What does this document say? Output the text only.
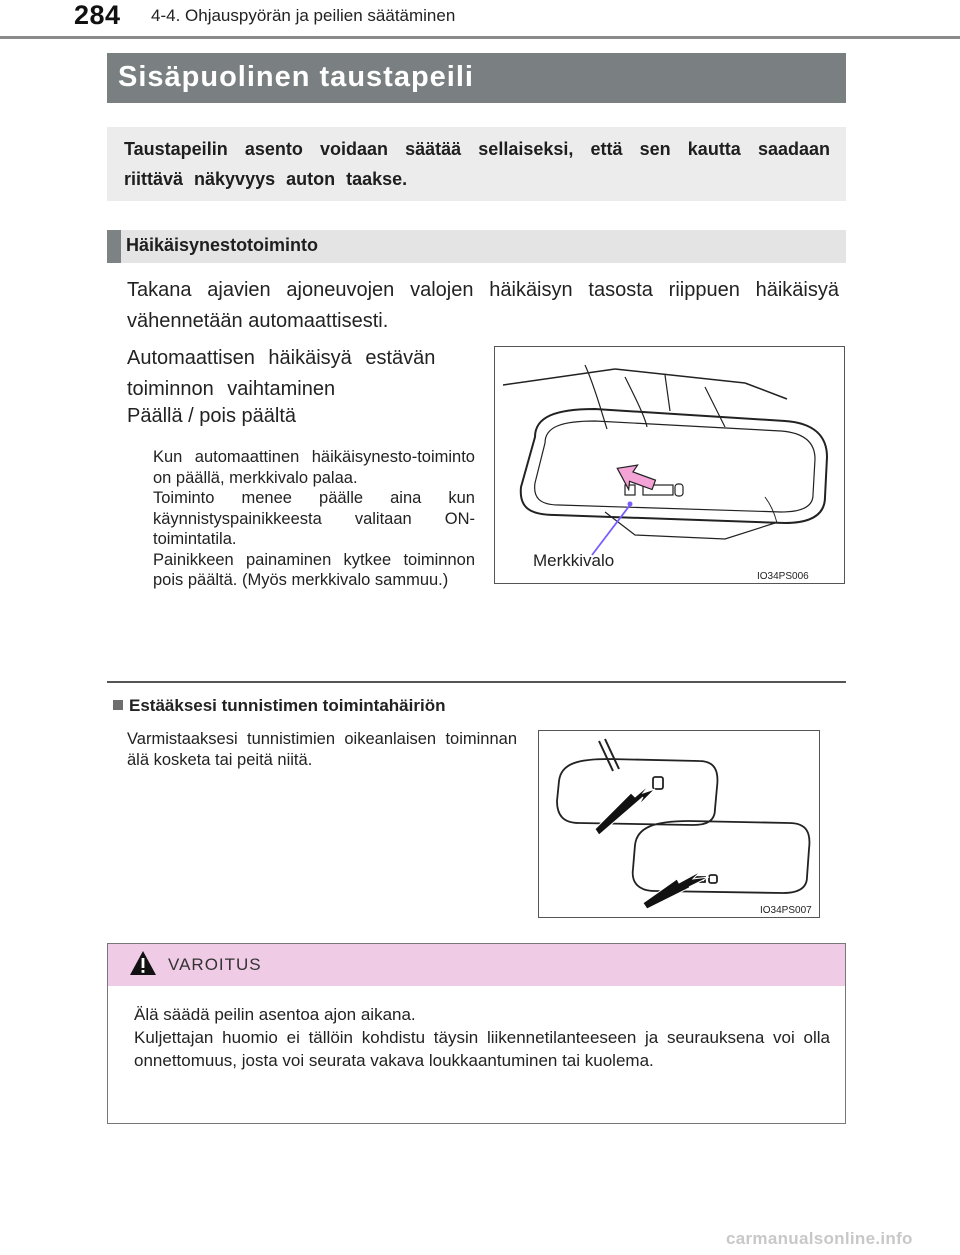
284 4-4. Ohjauspyörän ja peilien säätäminen
Sisäpuolinen taustapeili
Taustapeilin asento voidaan säätää sellaiseksi, että sen kautta saadaan riittävä näkyvyys auton taakse.
Häikäisynestotoiminto
Takana ajavien ajoneuvojen valojen häikäisyn tasosta riippuen häikäisyä vähennetään automaattisesti.
Automaattisen häikäisyä estävän toiminnon vaihtaminen
Päällä / pois päältä
Kun automaattinen häikäisynesto-toiminto on päällä, merkkivalo palaa.
Toiminto menee päälle aina kun käynnistyspainikkeesta valitaan ON-toimintatila.
Painikkeen painaminen kytkee toiminnon pois päältä. (Myös merkkivalo sammuu.)
Merkkivalo
IO34PS006
Estääksesi tunnistimen toimintahäiriön
Varmistaaksesi tunnistimien oikeanlaisen toiminnan älä kosketa tai peitä niitä.
IO34PS007
VAROITUS
Älä säädä peilin asentoa ajon aikana.
Kuljettajan huomio ei tällöin kohdistu täysin liikennetilanteeseen ja seurauksena voi olla onnettomuus, josta voi seurata vakava loukkaantuminen tai kuolema.
carmanualsonline.info
